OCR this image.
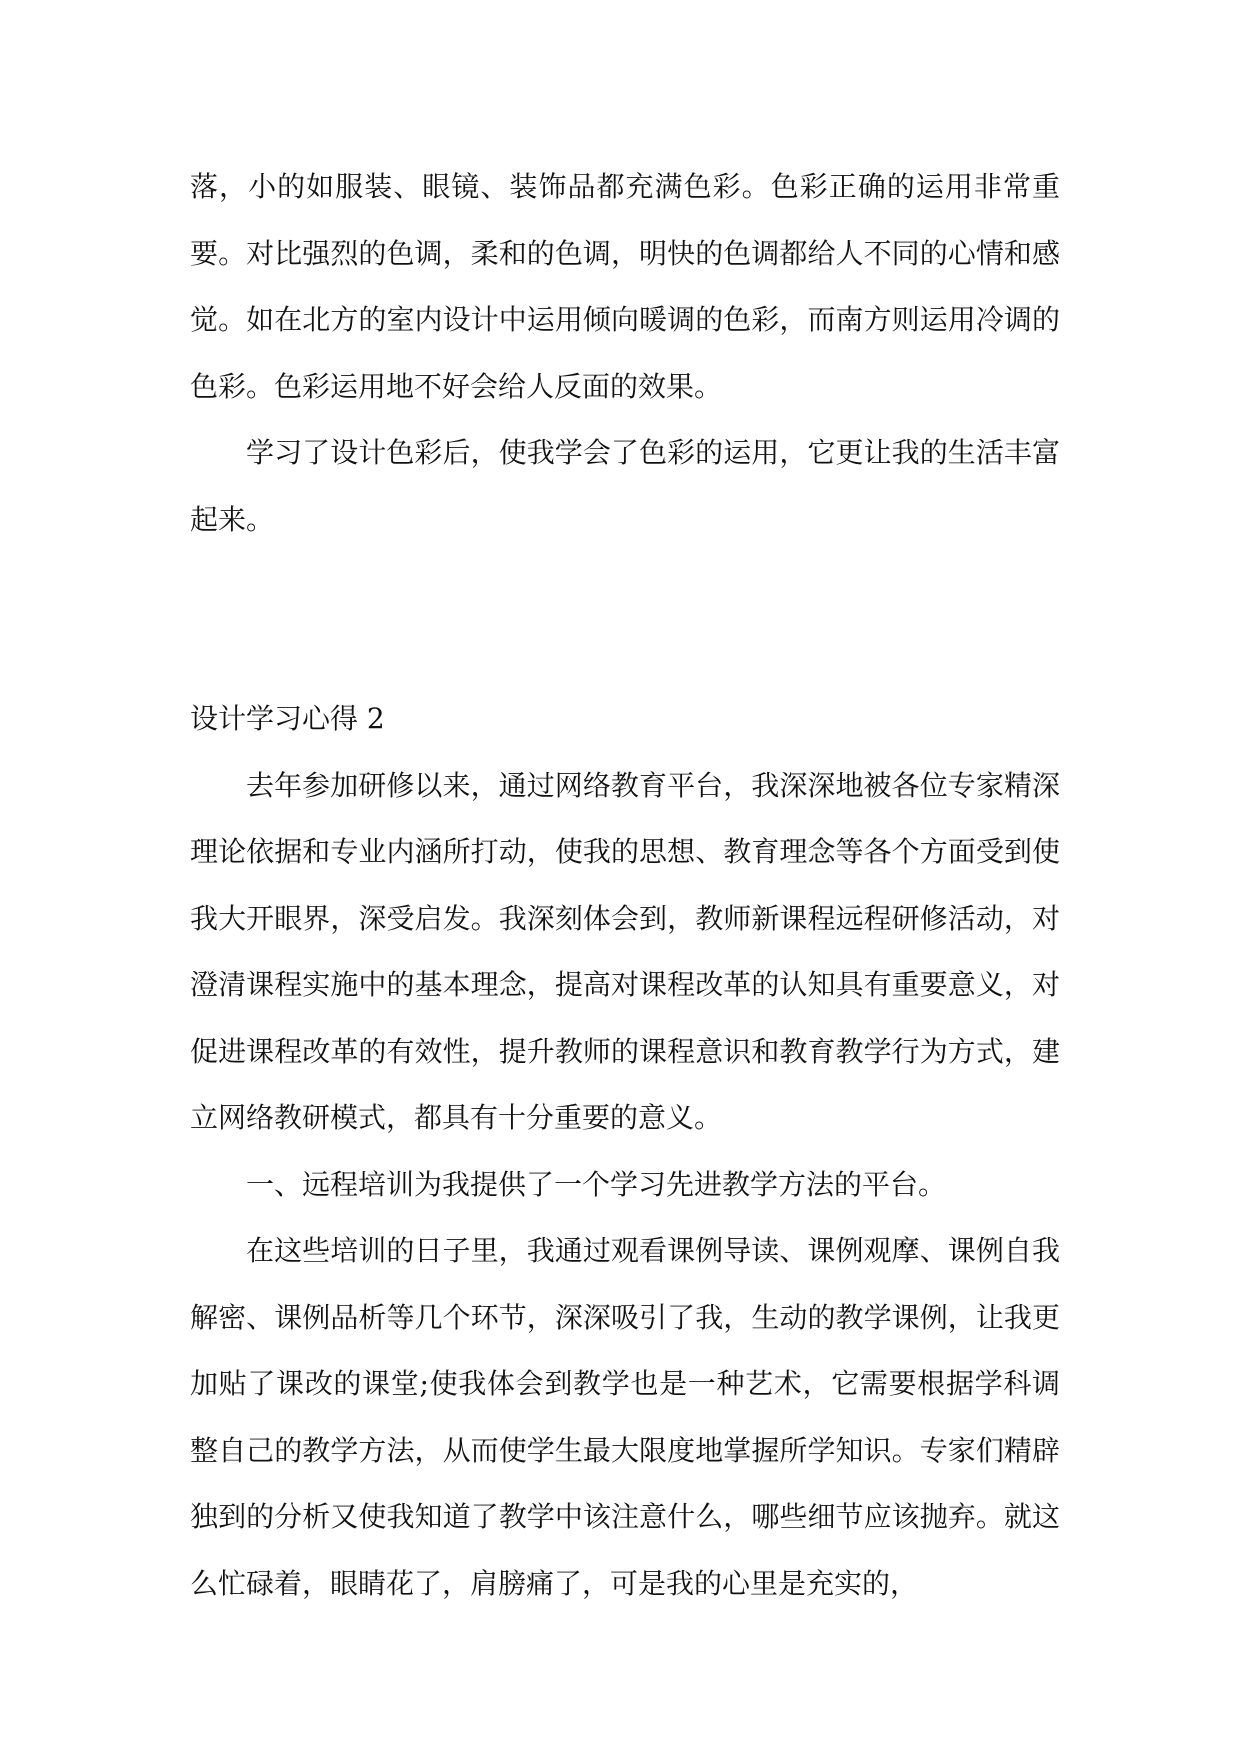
落，小的如服装、眼镜、装饰品都充满色彩。色彩正确的运用非常重要。对比强烈的色调，柔和的色调，明快的色调都给人不同的心情和感觉。如在北方的室内设计中运用倾向暖调的色彩，而南方则运用冷调的色彩。色彩运用地不好会给人反面的效果。

学习了设计色彩后，使我学会了色彩的运用，它更让我的生活丰富起来。

设计学习心得 2

去年参加研修以来，通过网络教育平台，我深深地被各位专家精深理论依据和专业内涵所打动，使我的思想、教育理念等各个方面受到使我大开眼界，深受启发。我深刻体会到，教师新课程远程研修活动，对澄清课程实施中的基本理念，提高对课程改革的认知具有重要意义，对促进课程改革的有效性，提升教师的课程意识和教育教学行为方式，建立网络教研模式，都具有十分重要的意义。

一、远程培训为我提供了一个学习先进教学方法的平台。

在这些培训的日子里，我通过观看课例导读、课例观摩、课例自我解密、课例品析等几个环节，深深吸引了我，生动的教学课例，让我更加贴了课改的课堂;使我体会到教学也是一种艺术，它需要根据学科调整自己的教学方法，从而使学生最大限度地掌握所学知识。专家们精辟独到的分析又使我知道了教学中该注意什么，哪些细节应该抛弃。就这么忙碌着，眼睛花了，肩膀痛了，可是我的心里是充实的，
